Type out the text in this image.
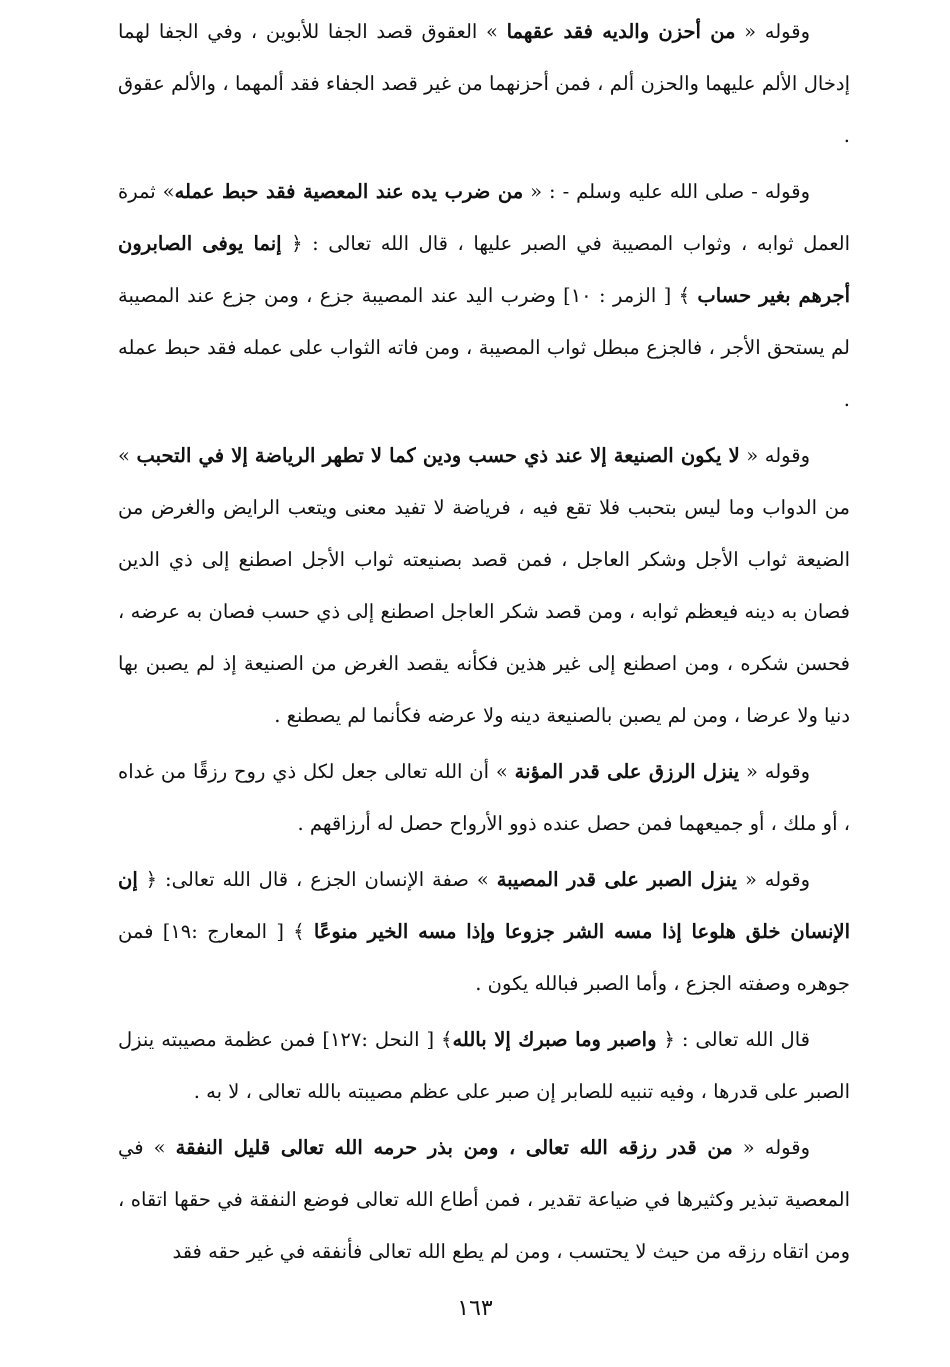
وقوله « من أحزن والديه فقد عقهما » العقوق قصد الجفا للأبوين ، وفي الجفا لهما إدخال الألم عليهما والحزن ألم ، فمن أحزنهما من غير قصد الجفاء فقد ألمهما ، والألم عقوق .

وقوله - صلى الله عليه وسلم - : « من ضرب يده عند المعصية فقد حبط عمله» ثمرة العمل ثوابه ، وثواب المصيبة في الصبر عليها ، قال الله تعالى : ﴿ إنما يوفى الصابرون أجرهم بغير حساب ﴾ [ الزمر : ١٠] وضرب اليد عند المصيبة جزع ، ومن جزع عند المصيبة لم يستحق الأجر ، فالجزع مبطل ثواب المصيبة ، ومن فاته الثواب على عمله فقد حبط عمله .

وقوله « لا يكون الصنيعة إلا عند ذي حسب ودين كما لا تطهر الرياضة إلا في التحبب » من الدواب وما ليس بتحبب فلا تقع فيه ، فرياضة لا تفيد معنى ويتعب الرايض والغرض من الضيعة ثواب الأجل وشكر العاجل ، فمن قصد بصنيعته ثواب الأجل اصطنع إلى ذي الدين فصان به دينه فيعظم ثوابه ، ومن قصد شكر العاجل اصطنع إلى ذي حسب فصان به عرضه ، فحسن شكره ، ومن اصطنع إلى غير هذين فكأنه يقصد الغرض من الصنيعة إذ لم يصبن بها دنيا ولا عرضا ، ومن لم يصبن بالصنيعة دينه ولا عرضه فكأنما لم يصطنع .

وقوله « ينزل الرزق على قدر المؤنة » أن الله تعالى جعل لكل ذي روح رزقًا من غداه ، أو ملك ، أو جميعهما فمن حصل عنده ذوو الأرواح حصل له أرزاقهم .

وقوله « ينزل الصبر على قدر المصيبة » صفة الإنسان الجزع ، قال الله تعالى: ﴿ إن الإنسان خلق هلوعا إذا مسه الشر جزوعا وإذا مسه الخير منوعًا ﴾ [ المعارج :١٩] فمن جوهره وصفته الجزع ، وأما الصبر فبالله يكون .

قال الله تعالى : ﴿ واصبر وما صبرك إلا بالله﴾ [ النحل :١٢٧] فمن عظمة مصيبته ينزل الصبر على قدرها ، وفيه تنبيه للصابر إن صبر على عظم مصيبته بالله تعالى ، لا به .

وقوله « من قدر رزقه الله تعالى ، ومن بذر حرمه الله تعالى قليل النفقة » في المعصية تبذير وكثيرها في ضياعة تقدير ، فمن أطاع الله تعالى فوضع النفقة في حقها اتقاه ، ومن اتقاه رزقه من حيث لا يحتسب ، ومن لم يطع الله تعالى فأنفقه في غير حقه فقد

١٦٣
